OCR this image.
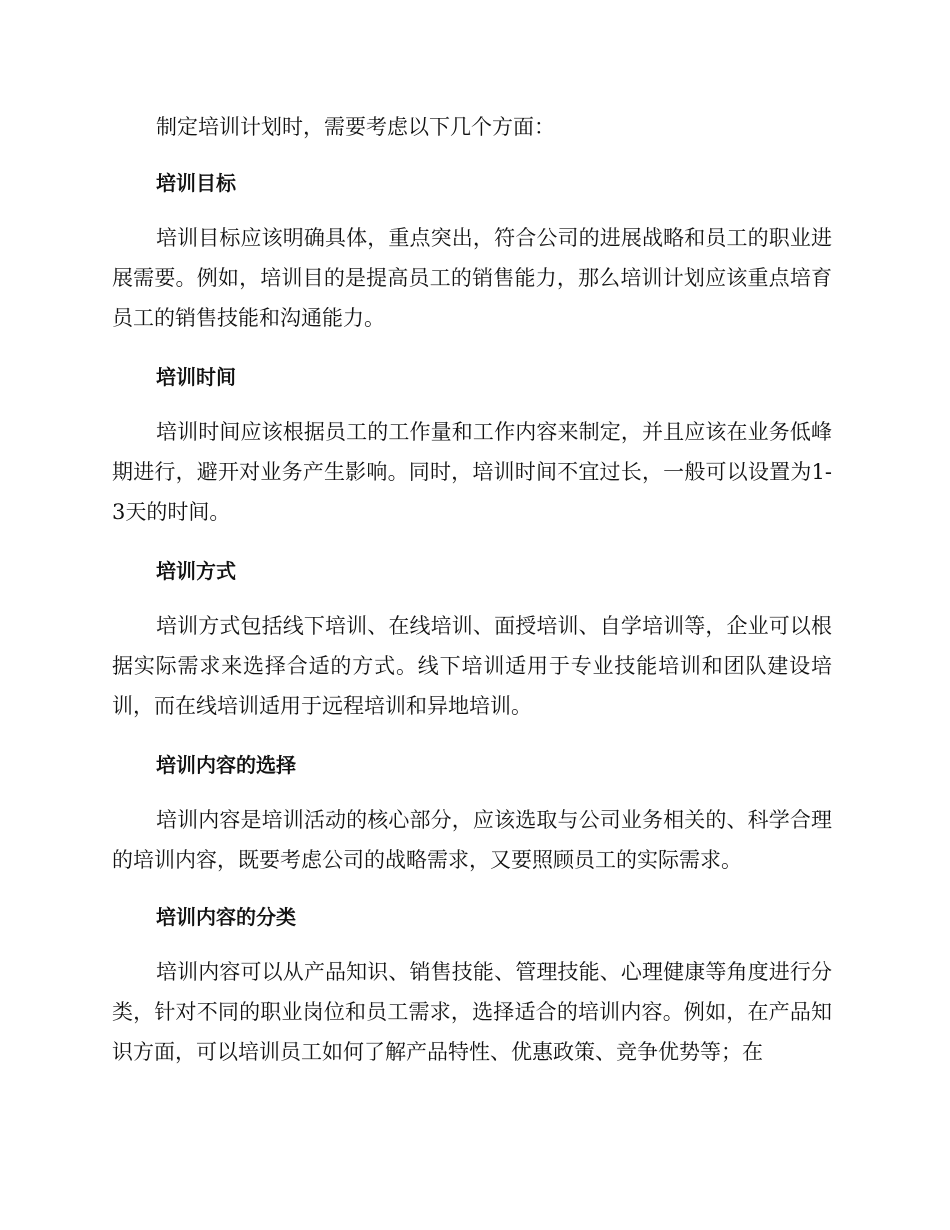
制定培训计划时，需要考虑以下几个方面：

培训目标

培训目标应该明确具体，重点突出，符合公司的进展战略和员工的职业进展需要。例如，培训目的是提高员工的销售能力，那么培训计划应该重点培育员工的销售技能和沟通能力。

培训时间

培训时间应该根据员工的工作量和工作内容来制定，并且应该在业务低峰期进行，避开对业务产生影响。同时，培训时间不宜过长，一般可以设置为1-3天的时间。

培训方式

培训方式包括线下培训、在线培训、面授培训、自学培训等，企业可以根据实际需求来选择合适的方式。线下培训适用于专业技能培训和团队建设培训，而在线培训适用于远程培训和异地培训。

培训内容的选择

培训内容是培训活动的核心部分，应该选取与公司业务相关的、科学合理的培训内容，既要考虑公司的战略需求，又要照顾员工的实际需求。

培训内容的分类

培训内容可以从产品知识、销售技能、管理技能、心理健康等角度进行分类，针对不同的职业岗位和员工需求，选择适合的培训内容。例如，在产品知识方面，可以培训员工如何了解产品特性、优惠政策、竞争优势等；在
